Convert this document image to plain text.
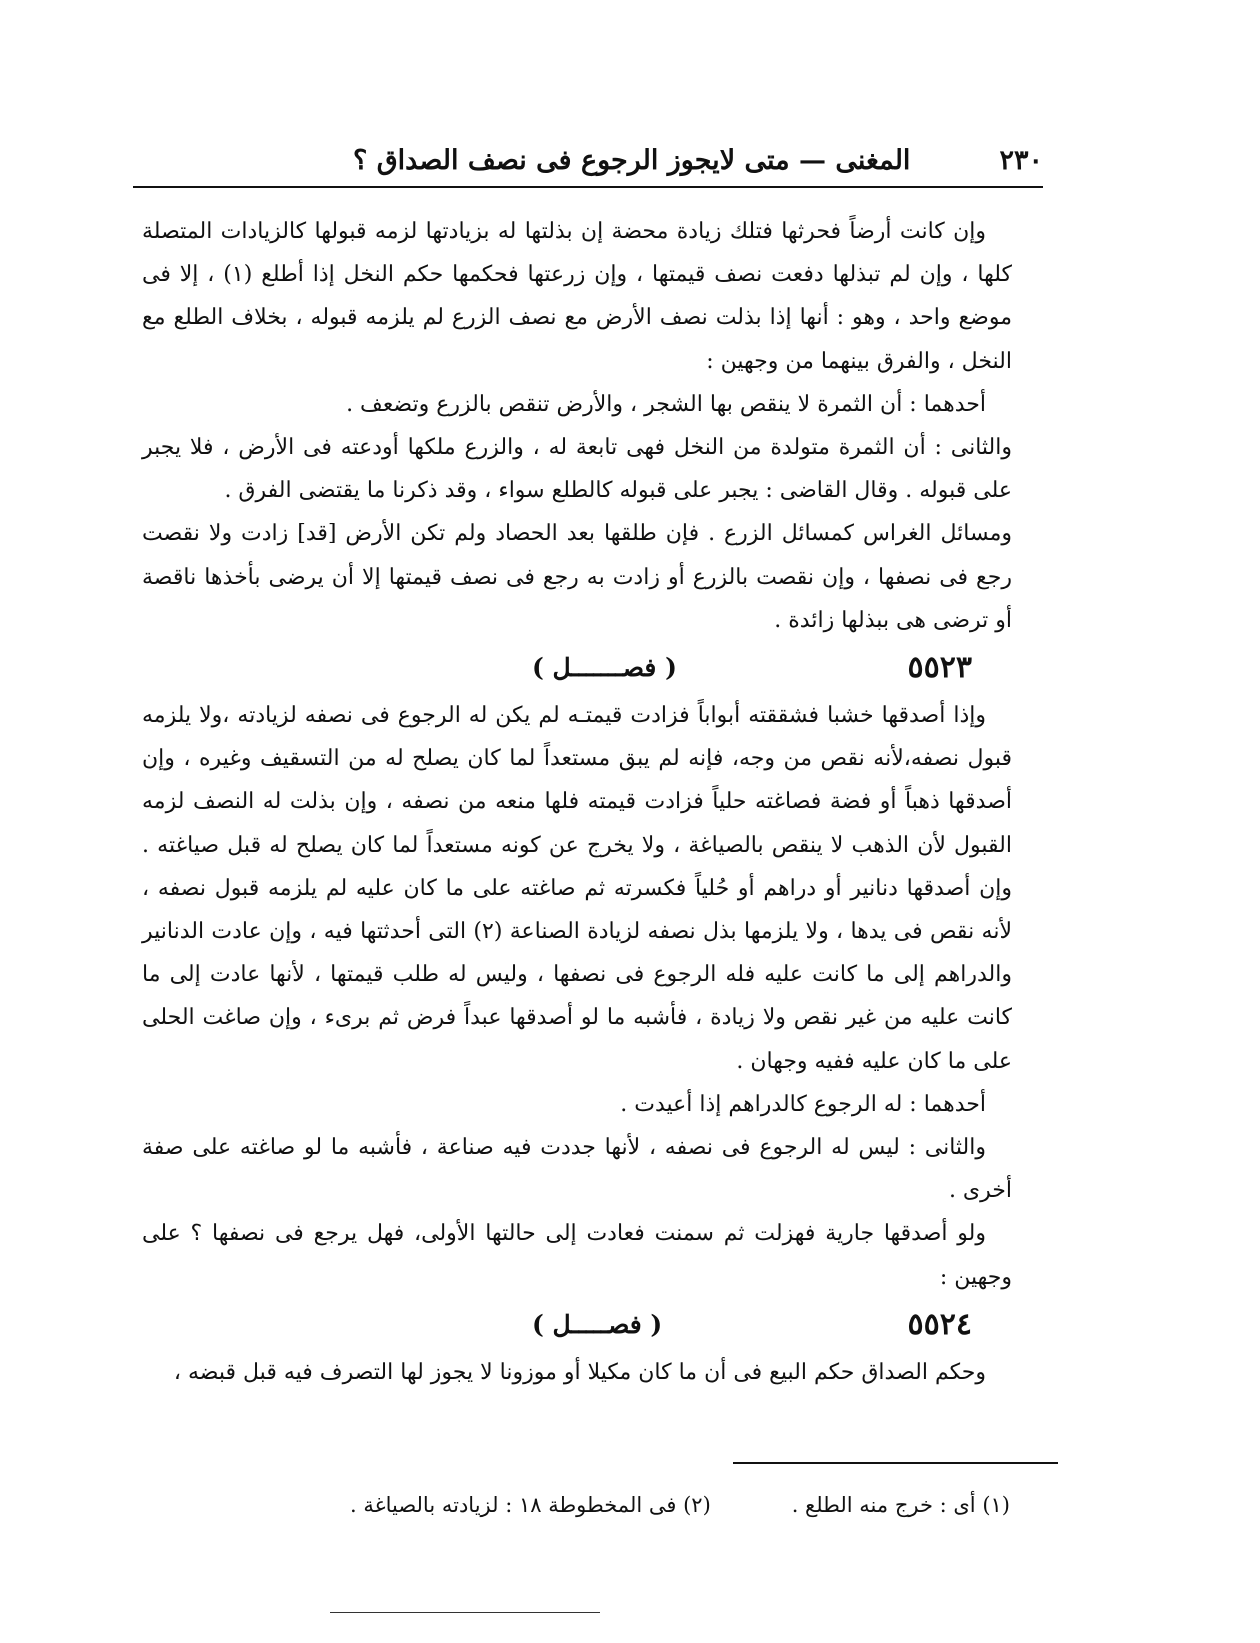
٢٣٠
المغنى — متى لايجوز الرجوع فى نصف الصداق ؟

وإن كانت أرضاً فحرثها فتلك زيادة محضة إن بذلتها له بزيادتها لزمه قبولها كالزيادات المتصلة كلها ، وإن لم تبذلها دفعت نصف قيمتها ، وإن زرعتها فحكمها حكم النخل إذا أطلع (١) ، إلا فى موضع واحد ، وهو : أنها إذا بذلت نصف الأرض مع نصف الزرع لم يلزمه قبوله ، بخلاف الطلع مع النخل ، والفرق بينهما من وجهين :

أحدهما : أن الثمرة لا ينقص بها الشجر ، والأرض تنقص بالزرع وتضعف .

والثانى : أن الثمرة متولدة من النخل فهى تابعة له ، والزرع ملكها أودعته فى الأرض ، فلا يجبر على قبوله . وقال القاضى : يجبر على قبوله كالطلع سواء ، وقد ذكرنا ما يقتضى الفرق .

ومسائل الغراس كمسائل الزرع . فإن طلقها بعد الحصاد ولم تكن الأرض [قد] زادت ولا نقصت رجع فى نصفها ، وإن نقصت بالزرع أو زادت به رجع فى نصف قيمتها إلا أن يرضى بأخذها ناقصة أو ترضى هى ببذلها زائدة .

٥٥٢٣
( فصـــــــل )

وإذا أصدقها خشبا فشققته أبواباً فزادت قيمتـه لم يكن له الرجوع فى نصفه لزيادته ،ولا يلزمه قبول نصفه،لأنه نقص من وجه، فإنه لم يبق مستعداً لما كان يصلح له من التسقيف وغيره ، وإن أصدقها ذهباً أو فضة فصاغته حلياً فزادت قيمته فلها منعه من نصفه ، وإن بذلت له النصف لزمه القبول لأن الذهب لا ينقص بالصياغة ، ولا يخرج عن كونه مستعداً لما كان يصلح له قبل صياغته . وإن أصدقها دنانير أو دراهم أو حُلياً فكسرته ثم صاغته على ما كان عليه لم يلزمه قبول نصفه ، لأنه نقص فى يدها ، ولا يلزمها بذل نصفه لزيادة الصناعة (٢) التى أحدثتها فيه ، وإن عادت الدنانير والدراهم إلى ما كانت عليه فله الرجوع فى نصفها ، وليس له طلب قيمتها ، لأنها عادت إلى ما كانت عليه من غير نقص ولا زيادة ، فأشبه ما لو أصدقها عبداً فرض ثم برىء ، وإن صاغت الحلى على ما كان عليه ففيه وجهان .

أحدهما : له الرجوع كالدراهم إذا أعيدت .

والثانى : ليس له الرجوع فى نصفه ، لأنها جددت فيه صناعة ، فأشبه ما لو صاغته على صفة أخرى .

ولو أصدقها جارية فهزلت ثم سمنت فعادت إلى حالتها الأولى، فهل يرجع فى نصفها ؟ على وجهين :

٥٥٢٤
( فصـــــل )

وحكم الصداق حكم البيع فى أن ما كان مكيلا أو موزونا لا يجوز لها التصرف فيه قبل قبضه ،

(١) أى : خرج منه الطلع .
(٢) فى المخطوطة ١٨ : لزيادته بالصياغة .
